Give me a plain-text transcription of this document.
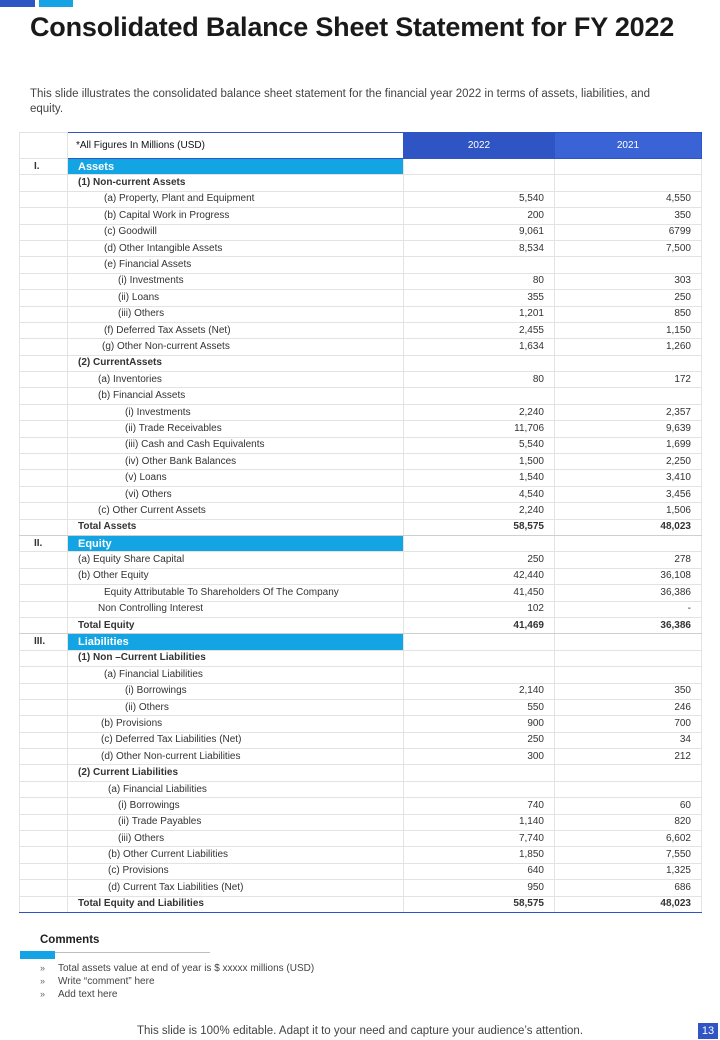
Consolidated Balance Sheet Statement for FY 2022

This slide illustrates the consolidated balance sheet statement for the financial year 2022 in terms of assets, liabilities, and equity.

	*All Figures In Millions (USD)	2022	2021
I.	Assets		
	(1) Non-current Assets		
	(a) Property, Plant and Equipment	5,540	4,550
	(b) Capital Work in Progress	200	350
	(c) Goodwill	9,061	6799
	(d) Other Intangible Assets	8,534	7,500
	(e) Financial Assets		
	(i) Investments	80	303
	(ii) Loans	355	250
	(iii) Others	1,201	850
	(f) Deferred Tax Assets (Net)	2,455	1,150
	(g) Other Non-current Assets	1,634	1,260
	(2) CurrentAssets		
	(a) Inventories	80	172
	(b) Financial Assets		
	(i) Investments	2,240	2,357
	(ii) Trade Receivables	11,706	9,639
	(iii) Cash and Cash Equivalents	5,540	1,699
	(iv) Other Bank Balances	1,500	2,250
	(v) Loans	1,540	3,410
	(vi) Others	4,540	3,456
	(c) Other Current Assets	2,240	1,506
	Total Assets	58,575	48,023
II.	Equity		
	(a) Equity Share Capital	250	278
	(b) Other Equity	42,440	36,108
	Equity Attributable To Shareholders Of The Company	41,450	36,386
	Non Controlling Interest	102	-
	Total Equity	41,469	36,386
III.	Liabilities		
	(1) Non –Current Liabilities		
	(a) Financial Liabilities		
	(i) Borrowings	2,140	350
	(ii) Others	550	246
	(b) Provisions	900	700
	(c) Deferred Tax Liabilities (Net)	250	34
	(d) Other Non-current Liabilities	300	212
	(2) Current Liabilities		
	(a) Financial Liabilities		
	(i) Borrowings	740	60
	(ii) Trade Payables	1,140	820
	(iii) Others	7,740	6,602
	(b) Other Current Liabilities	1,850	7,550
	(c) Provisions	640	1,325
	(d) Current Tax Liabilities (Net)	950	686
	Total Equity and Liabilities	58,575	48,023
Comments
»	Total assets value at end of year is $ xxxxx millions (USD)
»	Write “comment” here
»	Add text here
This slide is 100% editable. Adapt it to your need and capture your audience’s attention.	13
